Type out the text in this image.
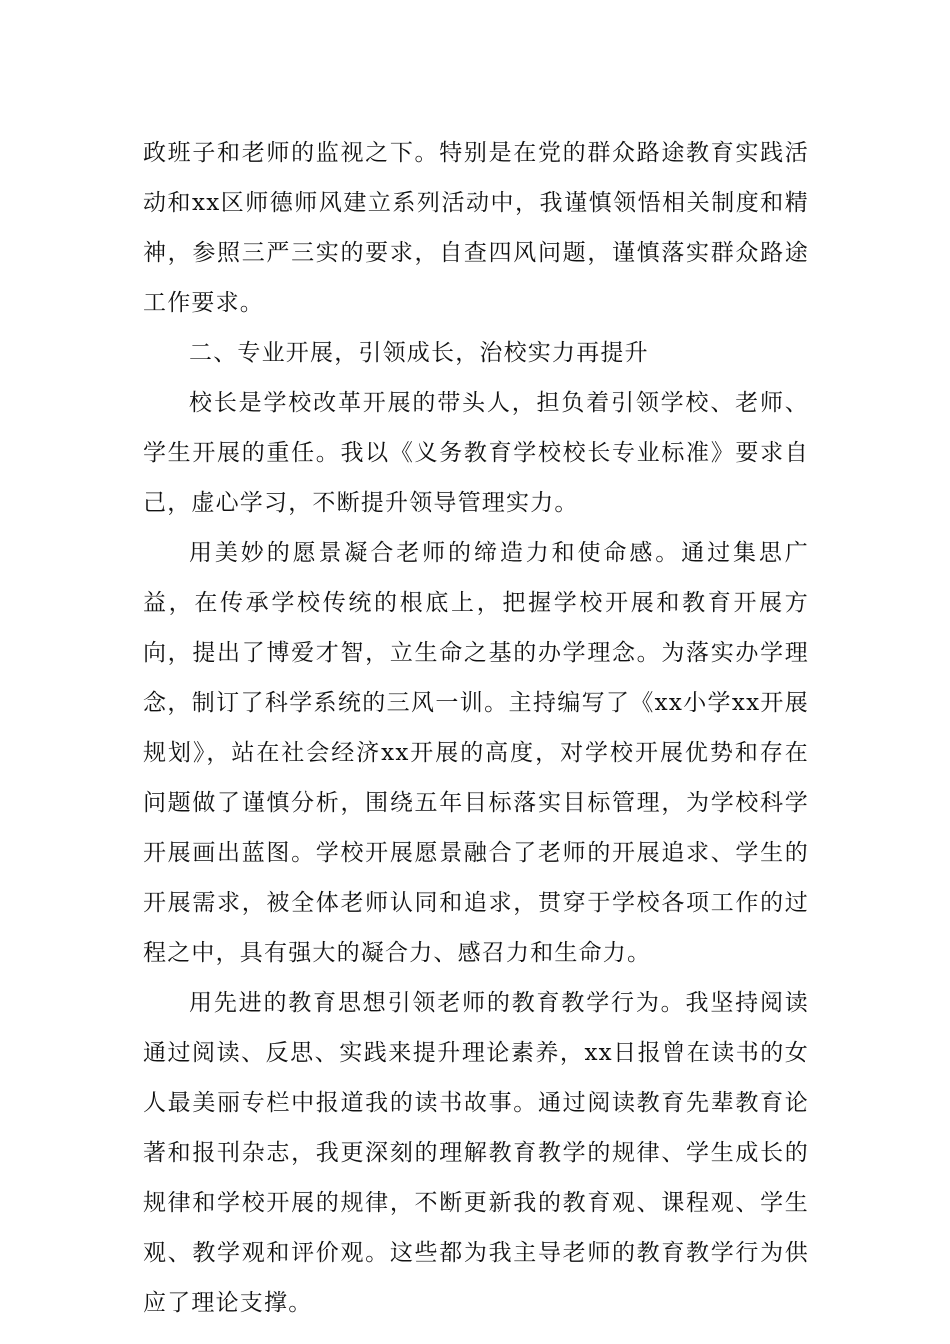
政班子和老师的监视之下。特别是在党的群众路途教育实践活动和xx区师德师风建立系列活动中，我谨慎领悟相关制度和精神，参照三严三实的要求，自查四风问题，谨慎落实群众路途工作要求。

二、专业开展，引领成长，治校实力再提升

校长是学校改革开展的带头人，担负着引领学校、老师、学生开展的重任。我以《义务教育学校校长专业标准》要求自己，虚心学习，不断提升领导管理实力。

用美妙的愿景凝合老师的缔造力和使命感。通过集思广益，在传承学校传统的根底上，把握学校开展和教育开展方向，提出了博爱才智，立生命之基的办学理念。为落实办学理念，制订了科学系统的三风一训。主持编写了《xx小学xx开展规划》，站在社会经济xx开展的高度，对学校开展优势和存在问题做了谨慎分析，围绕五年目标落实目标管理，为学校科学开展画出蓝图。学校开展愿景融合了老师的开展追求、学生的开展需求，被全体老师认同和追求，贯穿于学校各项工作的过程之中，具有强大的凝合力、感召力和生命力。

用先进的教育思想引领老师的教育教学行为。我坚持阅读通过阅读、反思、实践来提升理论素养，xx日报曾在读书的女人最美丽专栏中报道我的读书故事。通过阅读教育先辈教育论著和报刊杂志，我更深刻的理解教育教学的规律、学生成长的规律和学校开展的规律，不断更新我的教育观、课程观、学生观、教学观和评价观。这些都为我主导老师的教育教学行为供应了理论支撑。
